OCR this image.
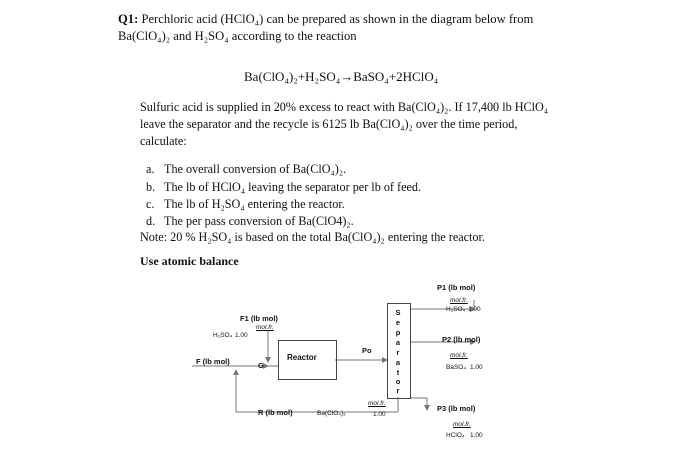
Q1: Perchloric acid (HClO₄) can be prepared as shown in the diagram below from
Ba(ClO₄)₂ and H₂SO₄ according to the reaction
Ba(ClO₄)₂+H₂SO₄→BaSO₄+2HClO₄
Sulfuric acid is supplied in 20% excess to react with Ba(ClO₄)₂. If 17,400 lb HClO₄
leave the separator and the recycle is 6125 lb Ba(ClO₄)₂ over the time period,
calculate:
a. The overall conversion of Ba(ClO₄)₂.
b. The lb of HClO₄ leaving the separator per lb of feed.
c. The lb of H₂SO₄ entering the reactor.
d. The per pass conversion of Ba(ClO4)₂.
Note: 20 % H₂SO₄ is based on the total Ba(ClO₄)₂ entering the reactor.
Use atomic balance
F1 (lb mol)
mol.fr.
H₂SO₄ 1.00
F (lb mol)	G
Reactor
Po
S
e
p
a
r
a
t
o
r
R (lb mol)	Ba(ClO₄)₂
mol.fr.
1.00
P1 (lb mol)
mol.fr.
H₂SO₄ 1.00
P2 (lb mol)
mol.fr.
BaSO₄ 1.00
P3 (lb mol)
mol.fr.
HClO₄ 1.00
